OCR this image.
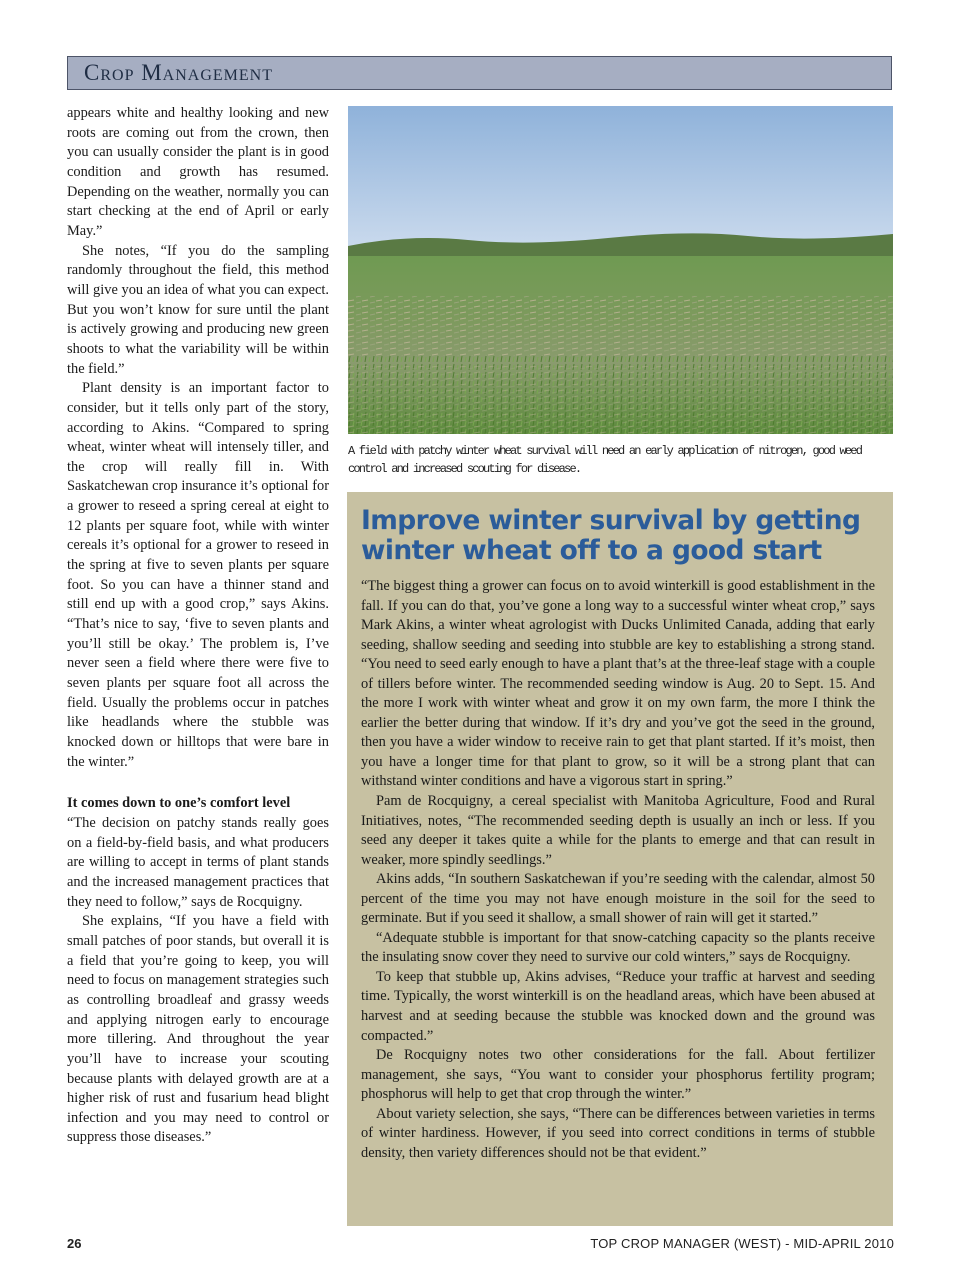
Crop Management

appears white and healthy looking and new roots are coming out from the crown, then you can usually consider the plant is in good condition and growth has resumed. Depending on the weather, normally you can start checking at the end of April or early May.”

She notes, “If you do the sampling randomly throughout the field, this method will give you an idea of what you can expect. But you won’t know for sure until the plant is actively growing and producing new green shoots to what the variability will be within the field.”

Plant density is an important factor to consider, but it tells only part of the story, according to Akins. “Compared to spring wheat, winter wheat will intensely tiller, and the crop will really fill in. With Saskatchewan crop insurance it’s optional for a grower to reseed a spring cereal at eight to 12 plants per square foot, while with winter cereals it’s optional for a grower to reseed in the spring at five to seven plants per square foot. So you can have a thinner stand and still end up with a good crop,” says Akins. “That’s nice to say, ‘five to seven plants and you’ll still be okay.’ The problem is, I’ve never seen a field where there were five to seven plants per square foot all across the field. Usually the problems occur in patches like headlands where the stubble was knocked down or hilltops that were bare in the winter.”

It comes down to one’s comfort level

“The decision on patchy stands really goes on a field-by-field basis, and what producers are willing to accept in terms of plant stands and the increased management practices that they need to follow,” says de Rocquigny.

She explains, “If you have a field with small patches of poor stands, but overall it is a field that you’re going to keep, you will need to focus on management strategies such as controlling broadleaf and grassy weeds and applying nitrogen early to encourage more tillering. And throughout the year you’ll have to increase your scouting because plants with delayed growth are at a higher risk of rust and fusarium head blight infection and you may need to control or suppress those diseases.”

A field with patchy winter wheat survival will need an early application of nitrogen, good weed control and increased scouting for disease.
Improve winter survival by getting winter wheat off to a good start

“The biggest thing a grower can focus on to avoid winterkill is good establishment in the fall. If you can do that, you’ve gone a long way to a successful winter wheat crop,” says Mark Akins, a winter wheat agrologist with Ducks Unlimited Canada, adding that early seeding, shallow seeding and seeding into stubble are key to establishing a strong stand. “You need to seed early enough to have a plant that’s at the three-leaf stage with a couple of tillers before winter. The recommended seeding window is Aug. 20 to Sept. 15. And the more I work with winter wheat and grow it on my own farm, the more I think the earlier the better during that window. If it’s dry and you’ve got the seed in the ground, then you have a wider window to receive rain to get that plant started. If it’s moist, then you have a longer time for that plant to grow, so it will be a strong plant that can withstand winter conditions and have a vigorous start in spring.”

Pam de Rocquigny, a cereal specialist with Manitoba Agriculture, Food and Rural Initiatives, notes, “The recommended seeding depth is usually an inch or less. If you seed any deeper it takes quite a while for the plants to emerge and that can result in weaker, more spindly seedlings.”

Akins adds, “In southern Saskatchewan if you’re seeding with the calendar, almost 50 percent of the time you may not have enough moisture in the soil for the seed to germinate. But if you seed it shallow, a small shower of rain will get it started.”

“Adequate stubble is important for that snow-catching capacity so the plants receive the insulating snow cover they need to survive our cold winters,” says de Rocquigny.

To keep that stubble up, Akins advises, “Reduce your traffic at harvest and seeding time. Typically, the worst winterkill is on the headland areas, which have been abused at harvest and at seeding because the stubble was knocked down and the ground was compacted.”

De Rocquigny notes two other considerations for the fall. About fertilizer management, she says, “You want to consider your phosphorus fertility program; phosphorus will help to get that crop through the winter.”

About variety selection, she says, “There can be differences between varieties in terms of winter hardiness. However, if you seed into correct conditions in terms of stubble density, then variety differences should not be that evident.”

26	TOP CROP MANAGER (WEST) - MID-APRIL 2010
